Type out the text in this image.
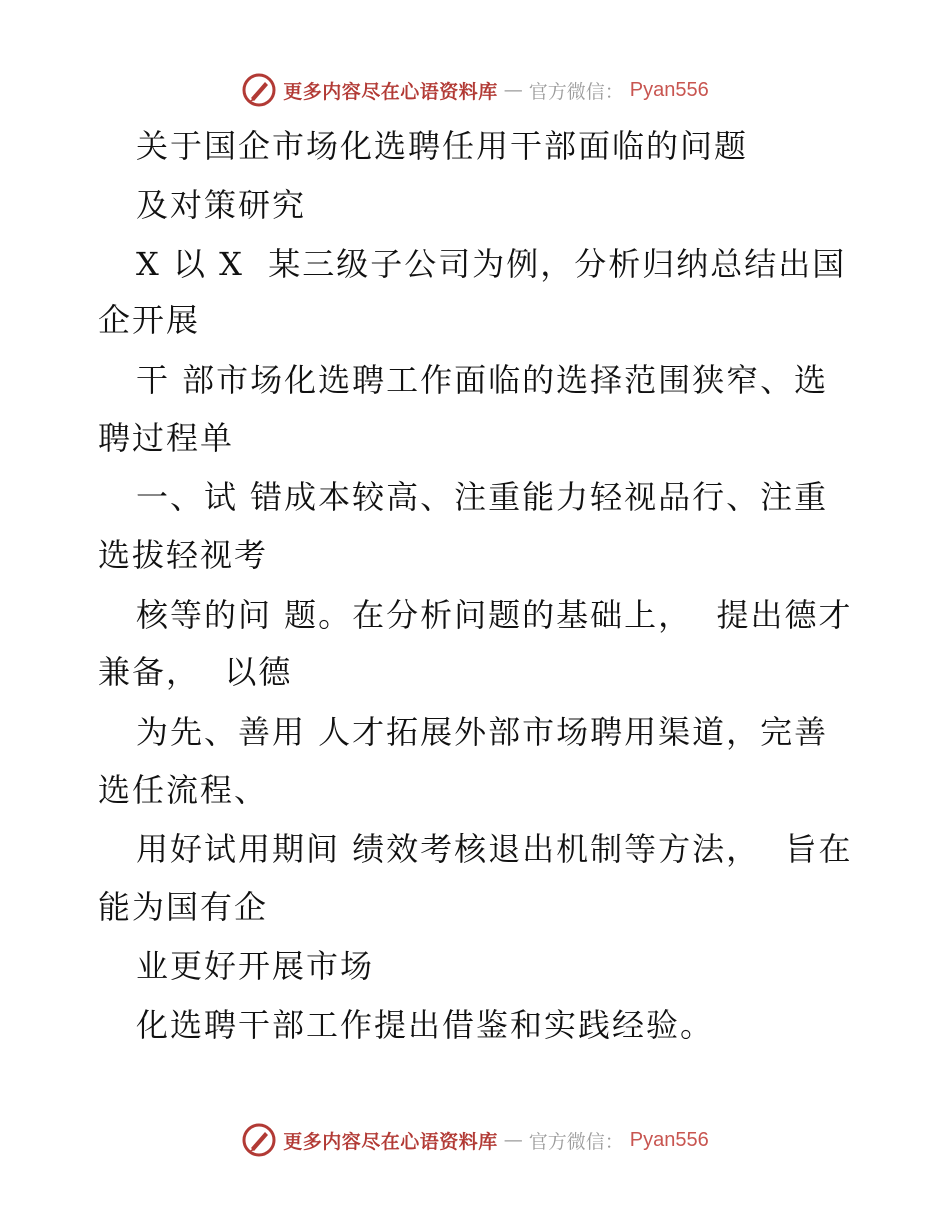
更多内容尽在心语资料库 — 官方微信： Pyan556
关于国企市场化选聘任用干部面临的问题
及对策研究
X 以 X  某三级子公司为例，分析归纳总结出国
企开展
干 部市场化选聘工作面临的选择范围狭窄、选
聘过程单
一、试 错成本较高、注重能力轻视品行、注重
选拔轻视考
核等的问 题。在分析问题的基础上，  提出德才
兼备，  以德
为先、善用 人才拓展外部市场聘用渠道，完善
选任流程、
用好试用期间 绩效考核退出机制等方法，  旨在
能为国有企
业更好开展市场
化选聘干部工作提出借鉴和实践经验。
更多内容尽在心语资料库 — 官方微信： Pyan556
